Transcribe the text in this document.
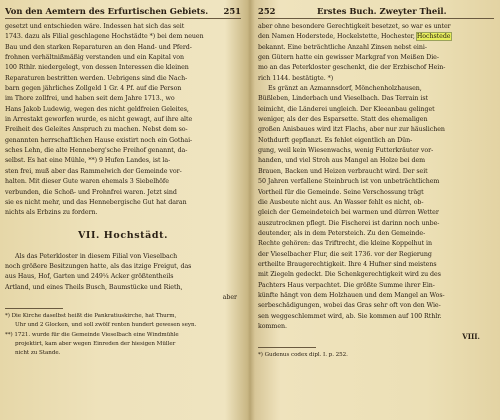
Von den Aemtern des Erfurtischen Gebiets. 251
gesetzt und entschieden wäre. Indessen hat sich das seit
1743. dazu als Filial geschlagene Hochstädte *) bei dem neuen
Bau und den starken Reparaturen an den Hand- und Pferd-
frohnen verhältnißmäßig verstanden und ein Kapital von
100 Rthlr. niedergelegt, von dessen Interessen die kleinen
Reparaturen bestritten werden. Uebrigens sind die Nach-
barn gegen jährliches Zollgeld 1 Gr. 4 Pf. auf die Person
im Thore zollfrei, und haben seit dem Jahre 1713., wo
Hans Jakob Ludewig, wegen des nicht geldfreien Geleites,
in Arrestakt geworfen wurde, es nicht gewagt, auf ihre alte
Freiheit des Geleites Anspruch zu machen. Nebst dem so-
genannten herrschaftlichen Hause existirt noch ein Gothai-
sches Lehn, die alte Henneberg'sche Freihof genannt, da-
selbst. Es hat eine Mühle, **) 9 Hufen Landes, ist la-
sten frei, muß aber das Rammelwich der Gemeinde vor-
halten. Mit dieser Gute waren ehemals 3 Siebelhöfe
verbunden, die Schoß- und Frohnfrei waren. Jetzt sind
sie es nicht mehr, und das Hennebergische Gut hat daran
nichts als Erbzins zu fordern.
VII. Hochstädt.
Als das Peterkloster in diesem Filial von Vieselbach
noch größere Besitzungen hatte, als das itzige Freigut, das
aus Haus, Hof, Garten und 249¼ Acker größtentheils
Artland, und eines Theils Busch, Baumstücke und Rieth,
aber
*) Die Kirche daselbst heißt die Pankratiuskirche, hat Thurm,
Uhr und 2 Glocken, und soll zwölf renten hundert gewesen seyn.
**) 1721. wurde für die Gemeinde Vieselbach eine Windmühle
projektirt, kam aber wegen Einreden der hiesigen Müller
nicht zu Stande.
252	Erstes Buch. Zweyter Theil.
aber ohne besondere Gerechtigkeit besetzet, so war es unter
den Namen Hoderstede, Hockelstette, Hochester, Hochstede
bekannt. Eine beträchtliche Anzahl Zinsen nebst eini-
gen Gütern hatte ein gewisser Markgraf von Meißen Die-
mo an das Peterkloster geschenkt, die der Erzbischof Hein-
rich 1144. bestätigte. *)
Es gränzt an Azmannsdorf, Mönchenholzhausen,
Büßleben, Linderbach und Vieselbach. Das Terrain ist
leimicht, die Länderei ungleich. Der Kleeanbau gelinget
weniger, als der des Esparsette. Statt des ehemaligen
großen Anisbaues wird itzt Flachs, aber nur zur häuslichen
Nothdurft gepflanzt. Es fehlet eigentlich an Dün-
gung, weil kein Wiesenwachs, wenig Futterkräuter vor-
handen, und viel Stroh aus Mangel an Holze bei dem
Brauen, Backen und Heizen verbraucht wird. Der seit
50 Jahren verfallene Steinbruch ist von unbeträchtlichem
Vortheil für die Gemeinde. Seine Verschossung trägt
die Ausbeute nicht aus. An Wasser fehlt es nicht, ob-
gleich der Gemeindeteich bei warmen und dürren Wetter
auszutrocknen pflegt. Die Fischerei ist darinn noch unbe-
deutender, als in dem Petersteich. Zu den Gemeinde-
Rechte gehören: das Triftrecht, die kleine Koppelhut in
der Vieselbacher Flur, die seit 1736. vor der Regierung
ertheilte Braugerechtigkeit. Ihre 4 Hufner sind meistens
mit Ziegeln gedeckt. Die Schenkgerechtigkeit wird zu des
Pachters Haus verpachtet. Die größte Summe ihrer Ein-
künfte hängt von dem Holzhauen und dem Mangel an Wos-
serbeschädigungen, wobei das Gras sehr oft von den Wie-
sen weggeschlemmet wird, ab. Sie kommen auf 100 Rthlr.
kommen.
VIII.
*) Gudenus codex dipl. I. p. 252.
